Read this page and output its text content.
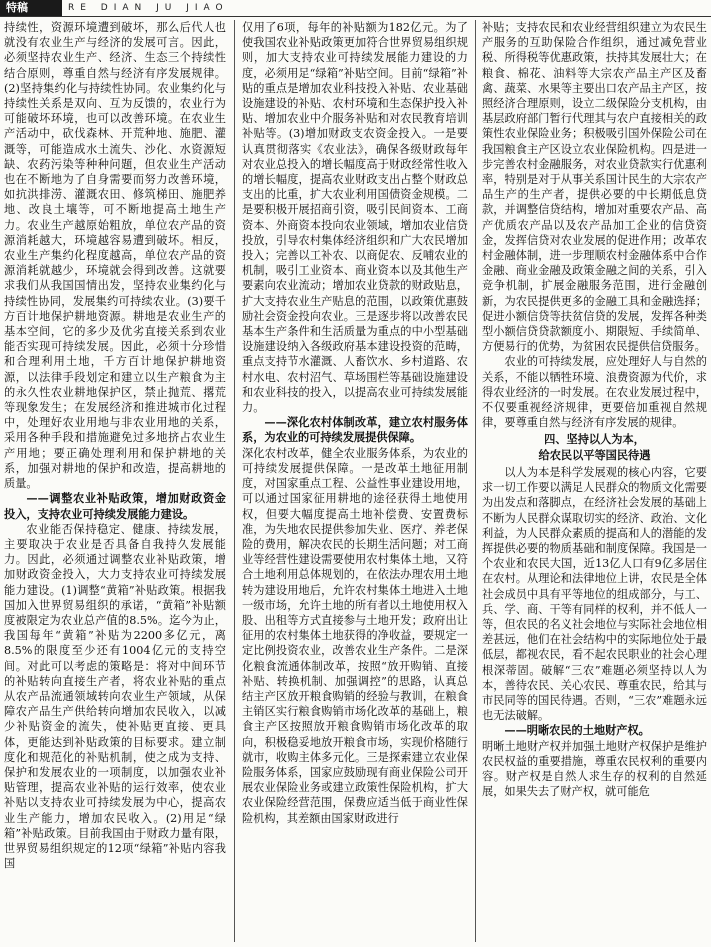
特稿	RE DIAN JU JIAO

持续性，资源环境遭到破坏，那么后代人也就没有农业生产与经济的发展可言。因此，必须坚持农业生产、经济、生态三个持续性结合原则，尊重自然与经济有序发展规律。(2)坚持集约化与持续性协同。农业集约化与持续性关系是双向、互为反馈的，农业行为可能破坏环境，也可以改善环境。在农业生产活动中，砍伐森林、开荒种地、施肥、灌溉等，可能造成水土流失、沙化、水资源短缺、农药污染等种种问题，但农业生产活动也在不断地为了自身需要而努力改善环境，如抗洪排涝、灌溉农田、修筑梯田、施肥养地、改良土壤等，可不断地提高土地生产力。农业生产越原始粗放，单位农产品的资源消耗越大，环境越容易遭到破坏。相反，农业生产集约化程度越高，单位农产品的资源消耗就越少，环境就会得到改善。这就要求我们从我国国情出发，坚持农业集约化与持续性协同，发展集约可持续农业。(3)要千方百计地保护耕地资源。耕地是农业生产的基本空间，它的多少及优劣直接关系到农业能否实现可持续发展。因此，必须十分珍惜和合理利用土地，千方百计地保护耕地资源，以法律手段划定和建立以生产粮食为主的永久性农业耕地保护区，禁止抛荒、撂荒等现象发生；在发展经济和推进城市化过程中，处理好农业用地与非农业用地的关系，采用各种手段和措施避免过多地挤占农业生产用地；要正确处理利用和保护耕地的关系，加强对耕地的保护和改造，提高耕地的质量。

——调整农业补贴政策，增加财政资金投入，支持农业可持续发展能力建设。

农业能否保持稳定、健康、持续发展，主要取决于农业是否具备自我持久发展能力。因此，必须通过调整农业补贴政策，增加财政资金投入，大力支持农业可持续发展能力建设。(1)调整“黄箱”补贴政策。根据我国加入世界贸易组织的承诺，“黄箱”补贴额度被限定为农业总产值的8.5%。迄今为止，我国每年“黄箱”补贴为2200多亿元，离8.5%的限度至少还有1004亿元的支持空间。对此可以考虑的策略是：将对中间环节的补贴转向直接生产者，将农业补贴的重点从农产品流通领域转向农业生产领域，从保障农产品生产供给转向增加农民收入，以减少补贴资金的流失，使补贴更直接、更具体，更能达到补贴政策的目标要求。建立制度化和规范化的补贴机制，使之成为支持、保护和发展农业的一项制度，以加强农业补贴管理，提高农业补贴的运行效率，使农业补贴以支持农业可持续发展为中心，提高农业生产能力，增加农民收入。(2)用足“绿箱”补贴政策。目前我国由于财政力量有限，世界贸易组织规定的12项“绿箱”补贴内容我国

仅用了6项，每年的补贴额为182亿元。为了使我国农业补贴政策更加符合世界贸易组织规则，加大支持农业可持续发展能力建设的力度，必须用足“绿箱”补贴空间。目前“绿箱”补贴的重点是增加农业科技投入补贴、农业基础设施建设的补贴、农村环境和生态保护投入补贴、增加农业中介服务补贴和对农民教育培训补贴等。(3)增加财政支农资金投入。一是要认真贯彻落实《农业法》，确保各级财政每年对农业总投入的增长幅度高于财政经常性收入的增长幅度，提高农业财政支出占整个财政总支出的比重，扩大农业利用国债资金规模。二是要积极开展招商引资，吸引民间资本、工商资本、外商资本投向农业领域，增加农业信贷投放，引导农村集体经济组织和广大农民增加投入；完善以工补农、以商促农、反哺农业的机制，吸引工业资本、商业资本以及其他生产要素向农业流动；增加农业贷款的财政贴息，扩大支持农业生产贴息的范围，以政策优惠鼓励社会资金投向农业。三是逐步将以改善农民基本生产条件和生活质量为重点的中小型基础设施建设纳入各级政府基本建设投资的范畴，重点支持节水灌溉、人畜饮水、乡村道路、农村水电、农村沼气、草场围栏等基础设施建设和农业科技的投入，以提高农业可持续发展能力。

——深化农村体制改革，建立农村服务体系，为农业的可持续发展提供保障。

深化农村改革，健全农业服务体系，为农业的可持续发展提供保障。一是改革土地征用制度，对国家重点工程、公益性事业建设用地，可以通过国家征用耕地的途径获得土地使用权，但要大幅度提高土地补偿费、安置费标准，为失地农民提供参加失业、医疗、养老保险的费用，解决农民的长期生活问题；对工商业等经营性建设需要使用农村集体土地，又符合土地利用总体规划的，在依法办理农用土地转为建设用地后，允许农村集体土地进入土地一级市场，允许土地的所有者以土地使用权入股、出租等方式直接参与土地开发；政府出让征用的农村集体土地获得的净收益，要规定一定比例投资农业，改善农业生产条件。二是深化粮食流通体制改革，按照“放开购销、直接补贴、转换机制、加强调控”的思路，认真总结主产区放开粮食购销的经验与教训，在粮食主销区实行粮食购销市场化改革的基础上，粮食主产区按照放开粮食购销市场化改革的取向，积极稳妥地放开粮食市场，实现价格随行就市，收购主体多元化。三是探索建立农业保险服务体系，国家应鼓励现有商业保险公司开展农业保险业务或建立政策性保险机构，扩大农业保险经营范围，保费应适当低于商业性保险机构，其差额由国家财政进行

补贴；支持农民和农业经营组织建立为农民生产服务的互助保险合作组织，通过减免营业税、所得税等优惠政策，扶持其发展壮大；在粮食、棉花、油料等大宗农产品主产区及畜禽、蔬菜、水果等主要出口农产品主产区，按照经济合理原则，设立二级保险分支机构，由基层政府部门暂行代理其与农户直接相关的政策性农业保险业务；积极吸引国外保险公司在我国粮食主产区设立农业保险机构。四是进一步完善农村金融服务，对农业贷款实行优惠利率，特别是对于从事关系国计民生的大宗农产品生产的生产者，提供必要的中长期低息贷款，并调整信贷结构，增加对重要农产品、高产优质农产品以及农产品加工企业的信贷资金，发挥信贷对农业发展的促进作用；改革农村金融体制，进一步理顺农村金融体系中合作金融、商业金融及政策金融之间的关系，引入竞争机制，扩展金融服务范围，进行金融创新，为农民提供更多的金融工具和金融选择；促进小额信贷等扶贫信贷的发展，发挥各种类型小额信贷贷款额度小、期限短、手续简单、方便易行的优势，为贫困农民提供信贷服务。

农业的可持续发展，应处理好人与自然的关系，不能以牺牲环境、浪费资源为代价，求得农业经济的一时发展。在农业发展过程中，不仅要重视经济规律，更要倍加重视自然规律，要尊重自然与经济有序发展的规律。

四、坚持以人为本，

给农民以平等国民待遇

以人为本是科学发展观的核心内容，它要求一切工作要以满足人民群众的物质文化需要为出发点和落脚点，在经济社会发展的基础上不断为人民群众谋取切实的经济、政治、文化利益，为人民群众素质的提高和人的潜能的发挥提供必要的物质基础和制度保障。我国是一个农业和农民大国，近13亿人口有9亿多居住在农村。从理论和法律地位上讲，农民是全体社会成员中具有平等地位的组成部分，与工、兵、学、商、干等有同样的权利，并不低人一等，但农民的名义社会地位与实际社会地位相差甚远，他们在社会结构中的实际地位处于最低层，都视农民，看不起农民职业的社会心理根深蒂固。破解“三农”难题必须坚持以人为本，善待农民、关心农民、尊重农民，给其与市民同等的国民待遇。否则，“三农”难题永远也无法破解。

——明晰农民的土地财产权。

明晰土地财产权并加强土地财产权保护是维护农民权益的重要措施，尊重农民权利的重要内容。财产权是自然人求生存的权利的自然延展，如果失去了财产权，就可能危
